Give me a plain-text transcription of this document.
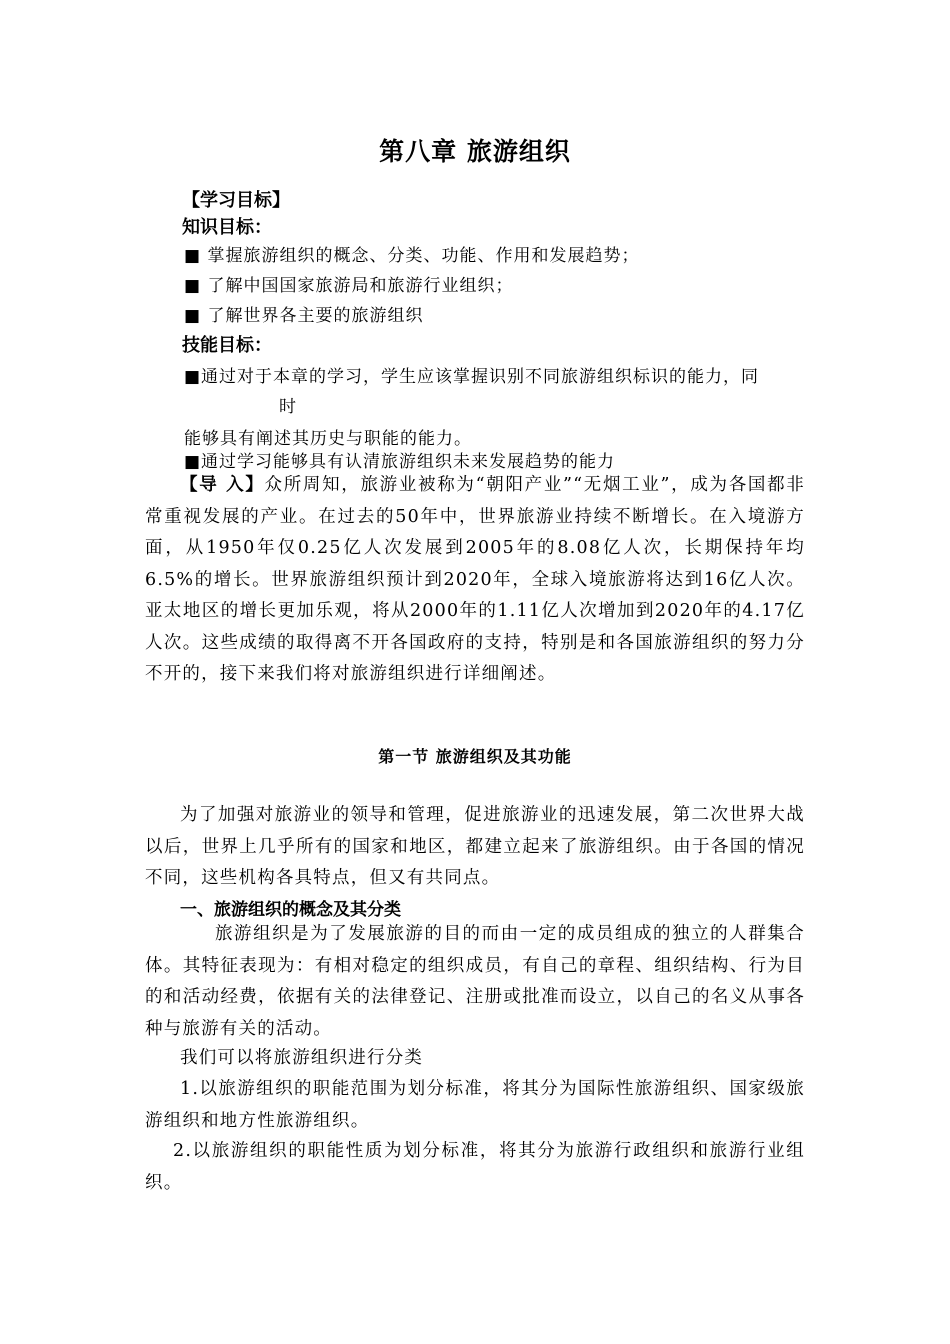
第八章 旅游组织
【学习目标】
知识目标：
■ 掌握旅游组织的概念、分类、功能、作用和发展趋势；
■ 了解中国国家旅游局和旅游行业组织；
■ 了解世界各主要的旅游组织
技能目标：
■通过对于本章的学习，学生应该掌握识别不同旅游组织标识的能力，同
时
能够具有阐述其历史与职能的能力。
■通过学习能够具有认清旅游组织未来发展趋势的能力
【导 入】众所周知，旅游业被称为“朝阳产业”“无烟工业”，成为各国都非常重视发展的产业。在过去的50年中，世界旅游业持续不断增长。在入境游方面，从1950年仅0.25亿人次发展到2005年的8.08亿人次，长期保持年均6.5%的增长。世界旅游组织预计到2020年，全球入境旅游将达到16亿人次。亚太地区的增长更加乐观，将从2000年的1.11亿人次增加到2020年的4.17亿人次。这些成绩的取得离不开各国政府的支持，特别是和各国旅游组织的努力分不开的，接下来我们将对旅游组织进行详细阐述。
第一节 旅游组织及其功能
为了加强对旅游业的领导和管理，促进旅游业的迅速发展，第二次世界大战以后，世界上几乎所有的国家和地区，都建立起来了旅游组织。由于各国的情况不同，这些机构各具特点，但又有共同点。
一、旅游组织的概念及其分类
旅游组织是为了发展旅游的目的而由一定的成员组成的独立的人群集合体。其特征表现为：有相对稳定的组织成员，有自己的章程、组织结构、行为目的和活动经费，依据有关的法律登记、注册或批准而设立，以自己的名义从事各种与旅游有关的活动。
我们可以将旅游组织进行分类
1.以旅游组织的职能范围为划分标准，将其分为国际性旅游组织、国家级旅游组织和地方性旅游组织。
2.以旅游组织的职能性质为划分标准，将其分为旅游行政组织和旅游行业组织。
